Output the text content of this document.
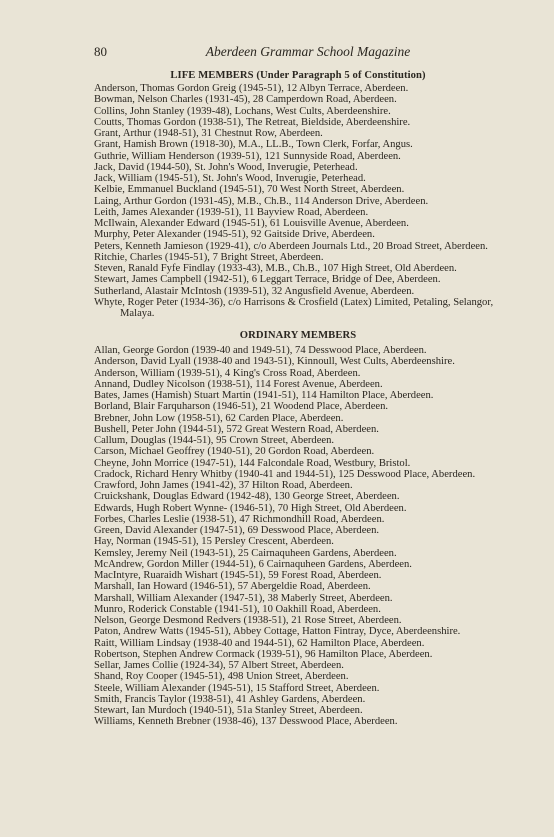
80	Aberdeen Grammar School Magazine
LIFE MEMBERS (Under Paragraph 5 of Constitution)
Anderson, Thomas Gordon Greig (1945-51), 12 Albyn Terrace, Aberdeen.
Bowman, Nelson Charles (1931-45), 28 Camperdown Road, Aberdeen.
Collins, John Stanley (1939-48), Lochans, West Cults, Aberdeenshire.
Coutts, Thomas Gordon (1938-51), The Retreat, Bieldside, Aberdeenshire.
Grant, Arthur (1948-51), 31 Chestnut Row, Aberdeen.
Grant, Hamish Brown (1918-30), M.A., LL.B., Town Clerk, Forfar, Angus.
Guthrie, William Henderson (1939-51), 121 Sunnyside Road, Aberdeen.
Jack, David (1944-50), St. John's Wood, Inverugie, Peterhead.
Jack, William (1945-51), St. John's Wood, Inverugie, Peterhead.
Kelbie, Emmanuel Buckland (1945-51), 70 West North Street, Aberdeen.
Laing, Arthur Gordon (1931-45), M.B., Ch.B., 114 Anderson Drive, Aberdeen.
Leith, James Alexander (1939-51), 11 Bayview Road, Aberdeen.
McIlwain, Alexander Edward (1945-51), 61 Louisville Avenue, Aberdeen.
Murphy, Peter Alexander (1945-51), 92 Gaitside Drive, Aberdeen.
Peters, Kenneth Jamieson (1929-41), c/o Aberdeen Journals Ltd., 20 Broad Street, Aberdeen.
Ritchie, Charles (1945-51), 7 Bright Street, Aberdeen.
Steven, Ranald Fyfe Findlay (1933-43), M.B., Ch.B., 107 High Street, Old Aberdeen.
Stewart, James Campbell (1942-51), 6 Leggart Terrace, Bridge of Dee, Aberdeen.
Sutherland, Alastair McIntosh (1939-51), 32 Angusfield Avenue, Aberdeen.
Whyte, Roger Peter (1934-36), c/o Harrisons & Crosfield (Latex) Limited, Petaling, Selangor, Malaya.
ORDINARY MEMBERS
Allan, George Gordon (1939-40 and 1949-51), 74 Desswood Place, Aberdeen.
Anderson, David Lyall (1938-40 and 1943-51), Kinnoull, West Cults, Aberdeenshire.
Anderson, William (1939-51), 4 King's Cross Road, Aberdeen.
Annand, Dudley Nicolson (1938-51), 114 Forest Avenue, Aberdeen.
Bates, James (Hamish) Stuart Martin (1941-51), 114 Hamilton Place, Aberdeen.
Borland, Blair Farquharson (1946-51), 21 Woodend Place, Aberdeen.
Brebner, John Low (1958-51), 62 Carden Place, Aberdeen.
Bushell, Peter John (1944-51), 572 Great Western Road, Aberdeen.
Callum, Douglas (1944-51), 95 Crown Street, Aberdeen.
Carson, Michael Geoffrey (1940-51), 20 Gordon Road, Aberdeen.
Cheyne, John Morrice (1947-51), 144 Falcondale Road, Westbury, Bristol.
Cradock, Richard Henry Whitby (1940-41 and 1944-51), 125 Desswood Place, Aberdeen.
Crawford, John James (1941-42), 37 Hilton Road, Aberdeen.
Cruickshank, Douglas Edward (1942-48), 130 George Street, Aberdeen.
Edwards, Hugh Robert Wynne- (1946-51), 70 High Street, Old Aberdeen.
Forbes, Charles Leslie (1938-51), 47 Richmondhill Road, Aberdeen.
Green, David Alexander (1947-51), 69 Desswood Place, Aberdeen.
Hay, Norman (1945-51), 15 Persley Crescent, Aberdeen.
Kemsley, Jeremy Neil (1943-51), 25 Cairnaquheen Gardens, Aberdeen.
McAndrew, Gordon Miller (1944-51), 6 Cairnaquheen Gardens, Aberdeen.
MacIntyre, Ruaraidh Wishart (1945-51), 59 Forest Road, Aberdeen.
Marshall, Ian Howard (1946-51), 57 Abergeldie Road, Aberdeen.
Marshall, William Alexander (1947-51), 38 Maberly Street, Aberdeen.
Munro, Roderick Constable (1941-51), 10 Oakhill Road, Aberdeen.
Nelson, George Desmond Redvers (1938-51), 21 Rose Street, Aberdeen.
Paton, Andrew Watts (1945-51), Abbey Cottage, Hatton Fintray, Dyce, Aberdeenshire.
Raitt, William Lindsay (1938-40 and 1944-51), 62 Hamilton Place, Aberdeen.
Robertson, Stephen Andrew Cormack (1939-51), 96 Hamilton Place, Aberdeen.
Sellar, James Collie (1924-34), 57 Albert Street, Aberdeen.
Shand, Roy Cooper (1945-51), 498 Union Street, Aberdeen.
Steele, William Alexander (1945-51), 15 Stafford Street, Aberdeen.
Smith, Francis Taylor (1938-51), 41 Ashley Gardens, Aberdeen.
Stewart, Ian Murdoch (1940-51), 51a Stanley Street, Aberdeen.
Williams, Kenneth Brebner (1938-46), 137 Desswood Place, Aberdeen.
